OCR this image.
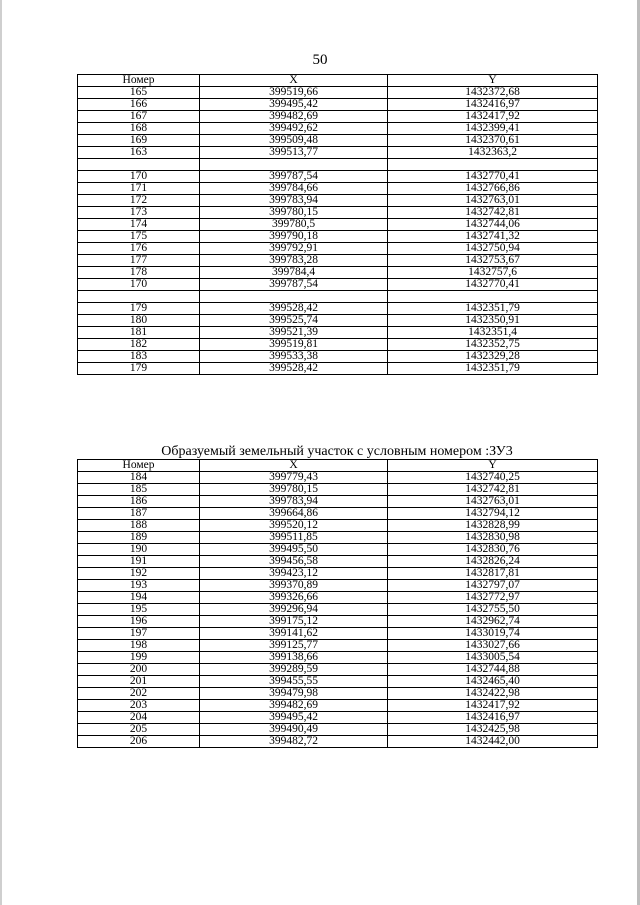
50
Номер	X	Y
165	399519,66	1432372,68
166	399495,42	1432416,97
167	399482,69	1432417,92
168	399492,62	1432399,41
169	399509,48	1432370,61
163	399513,77	1432363,2

170	399787,54	1432770,41
171	399784,66	1432766,86
172	399783,94	1432763,01
173	399780,15	1432742,81
174	399780,5	1432744,06
175	399790,18	1432741,32
176	399792,91	1432750,94
177	399783,28	1432753,67
178	399784,4	1432757,6
170	399787,54	1432770,41

179	399528,42	1432351,79
180	399525,74	1432350,91
181	399521,39	1432351,4
182	399519,81	1432352,75
183	399533,38	1432329,28
179	399528,42	1432351,79
Образуемый земельный участок с условным номером :ЗУ3
Номер	X	Y
184	399779,43	1432740,25
185	399780,15	1432742,81
186	399783,94	1432763,01
187	399664,86	1432794,12
188	399520,12	1432828,99
189	399511,85	1432830,98
190	399495,50	1432830,76
191	399456,58	1432826,24
192	399423,12	1432817,81
193	399370,89	1432797,07
194	399326,66	1432772,97
195	399296,94	1432755,50
196	399175,12	1432962,74
197	399141,62	1433019,74
198	399125,77	1433027,66
199	399138,66	1433005,54
200	399289,59	1432744,88
201	399455,55	1432465,40
202	399479,98	1432422,98
203	399482,69	1432417,92
204	399495,42	1432416,97
205	399490,49	1432425,98
206	399482,72	1432442,00
